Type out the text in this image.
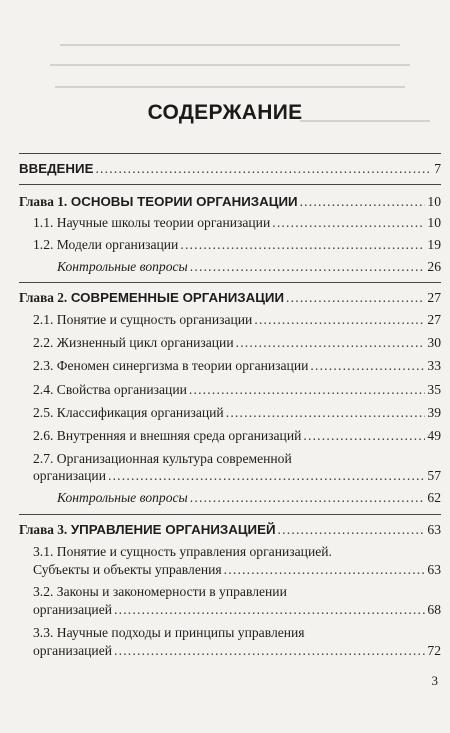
СОДЕРЖАНИЕ
ВВЕДЕНИЕ .....	7
Глава 1. ОСНОВЫ ТЕОРИИ ОРГАНИЗАЦИИ .....	10
1.1. Научные школы теории организации .....	10
1.2. Модели организации .....	19
Контрольные вопросы .....	26
Глава 2. СОВРЕМЕННЫЕ ОРГАНИЗАЦИИ .....	27
2.1. Понятие и сущность организации .....	27
2.2. Жизненный цикл организации .....	30
2.3. Феномен синергизма в теории организации .....	33
2.4. Свойства организации .....	35
2.5. Классификация организаций .....	39
2.6. Внутренняя и внешняя среда организаций .....	49
2.7. Организационная культура современной
организации .....	57
Контрольные вопросы .....	62
Глава 3. УПРАВЛЕНИЕ ОРГАНИЗАЦИЕЙ .....	63
3.1. Понятие и сущность управления организацией.
Субъекты и объекты управления .....	63
3.2. Законы и закономерности в управлении
организацией .....	68
3.3. Научные подходы и принципы управления
организацией .....	72
3
